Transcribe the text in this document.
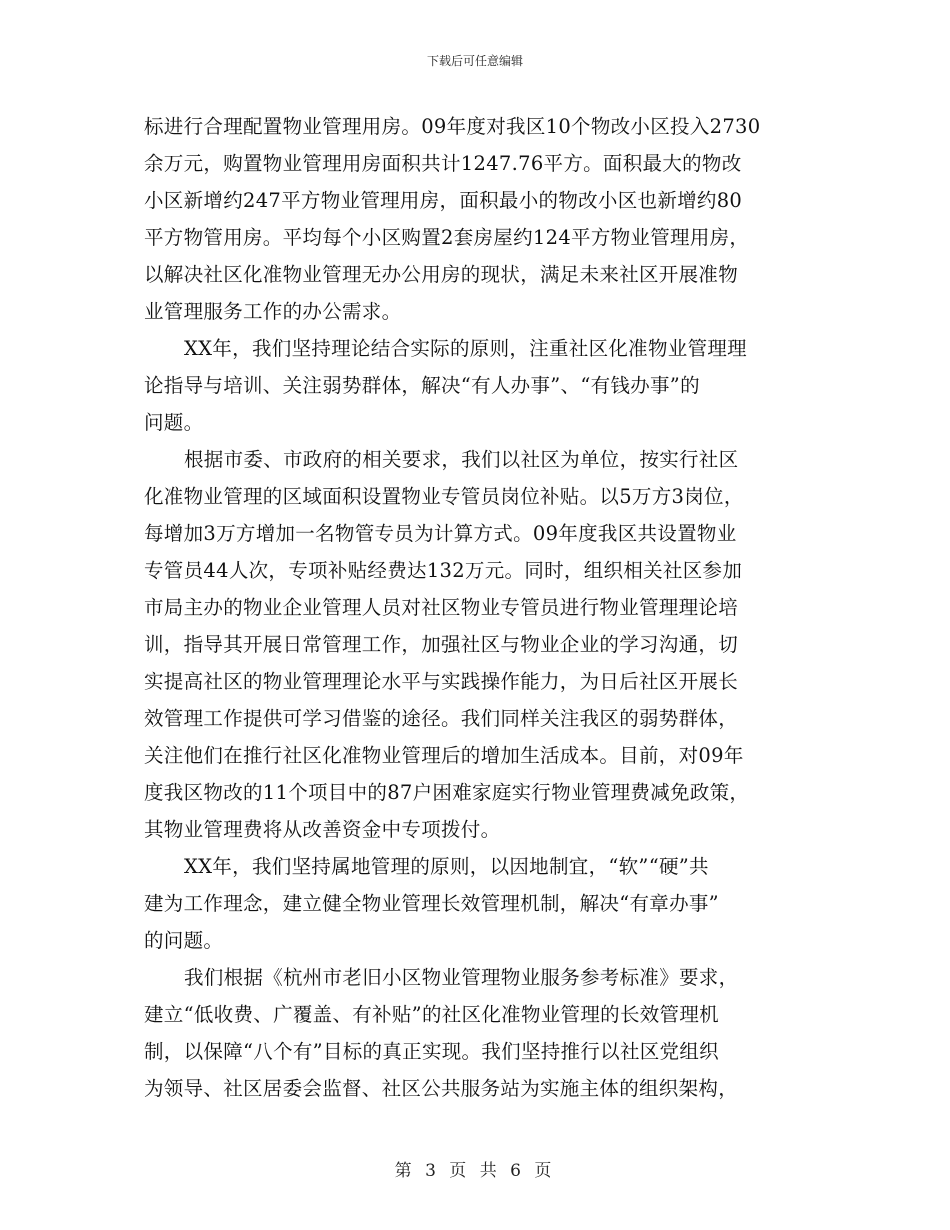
下载后可任意编辑
标进行合理配置物业管理用房。09年度对我区10个物改小区投入2730
余万元，购置物业管理用房面积共计1247.76平方。面积最大的物改
小区新增约247平方物业管理用房，面积最小的物改小区也新增约80
平方物管用房。平均每个小区购置2套房屋约124平方物业管理用房，
以解决社区化准物业管理无办公用房的现状，满足未来社区开展准物
业管理服务工作的办公需求。
XX年，我们坚持理论结合实际的原则，注重社区化准物业管理理
论指导与培训、关注弱势群体，解决“有人办事”、“有钱办事”的
问题。
根据市委、市政府的相关要求，我们以社区为单位，按实行社区
化准物业管理的区域面积设置物业专管员岗位补贴。以5万方3岗位，
每增加3万方增加一名物管专员为计算方式。09年度我区共设置物业
专管员44人次，专项补贴经费达132万元。同时，组织相关社区参加
市局主办的物业企业管理人员对社区物业专管员进行物业管理理论培
训，指导其开展日常管理工作，加强社区与物业企业的学习沟通，切
实提高社区的物业管理理论水平与实践操作能力，为日后社区开展长
效管理工作提供可学习借鉴的途径。我们同样关注我区的弱势群体，
关注他们在推行社区化准物业管理后的增加生活成本。目前，对09年
度我区物改的11个项目中的87户困难家庭实行物业管理费减免政策，
其物业管理费将从改善资金中专项拨付。
XX年，我们坚持属地管理的原则，以因地制宜，“软”“硬”共
建为工作理念，建立健全物业管理长效管理机制，解决“有章办事”
的问题。
我们根据《杭州市老旧小区物业管理物业服务参考标准》要求，
建立“低收费、广覆盖、有补贴”的社区化准物业管理的长效管理机
制，以保障“八个有”目标的真正实现。我们坚持推行以社区党组织
为领导、社区居委会监督、社区公共服务站为实施主体的组织架构，
第 3 页 共 6 页
